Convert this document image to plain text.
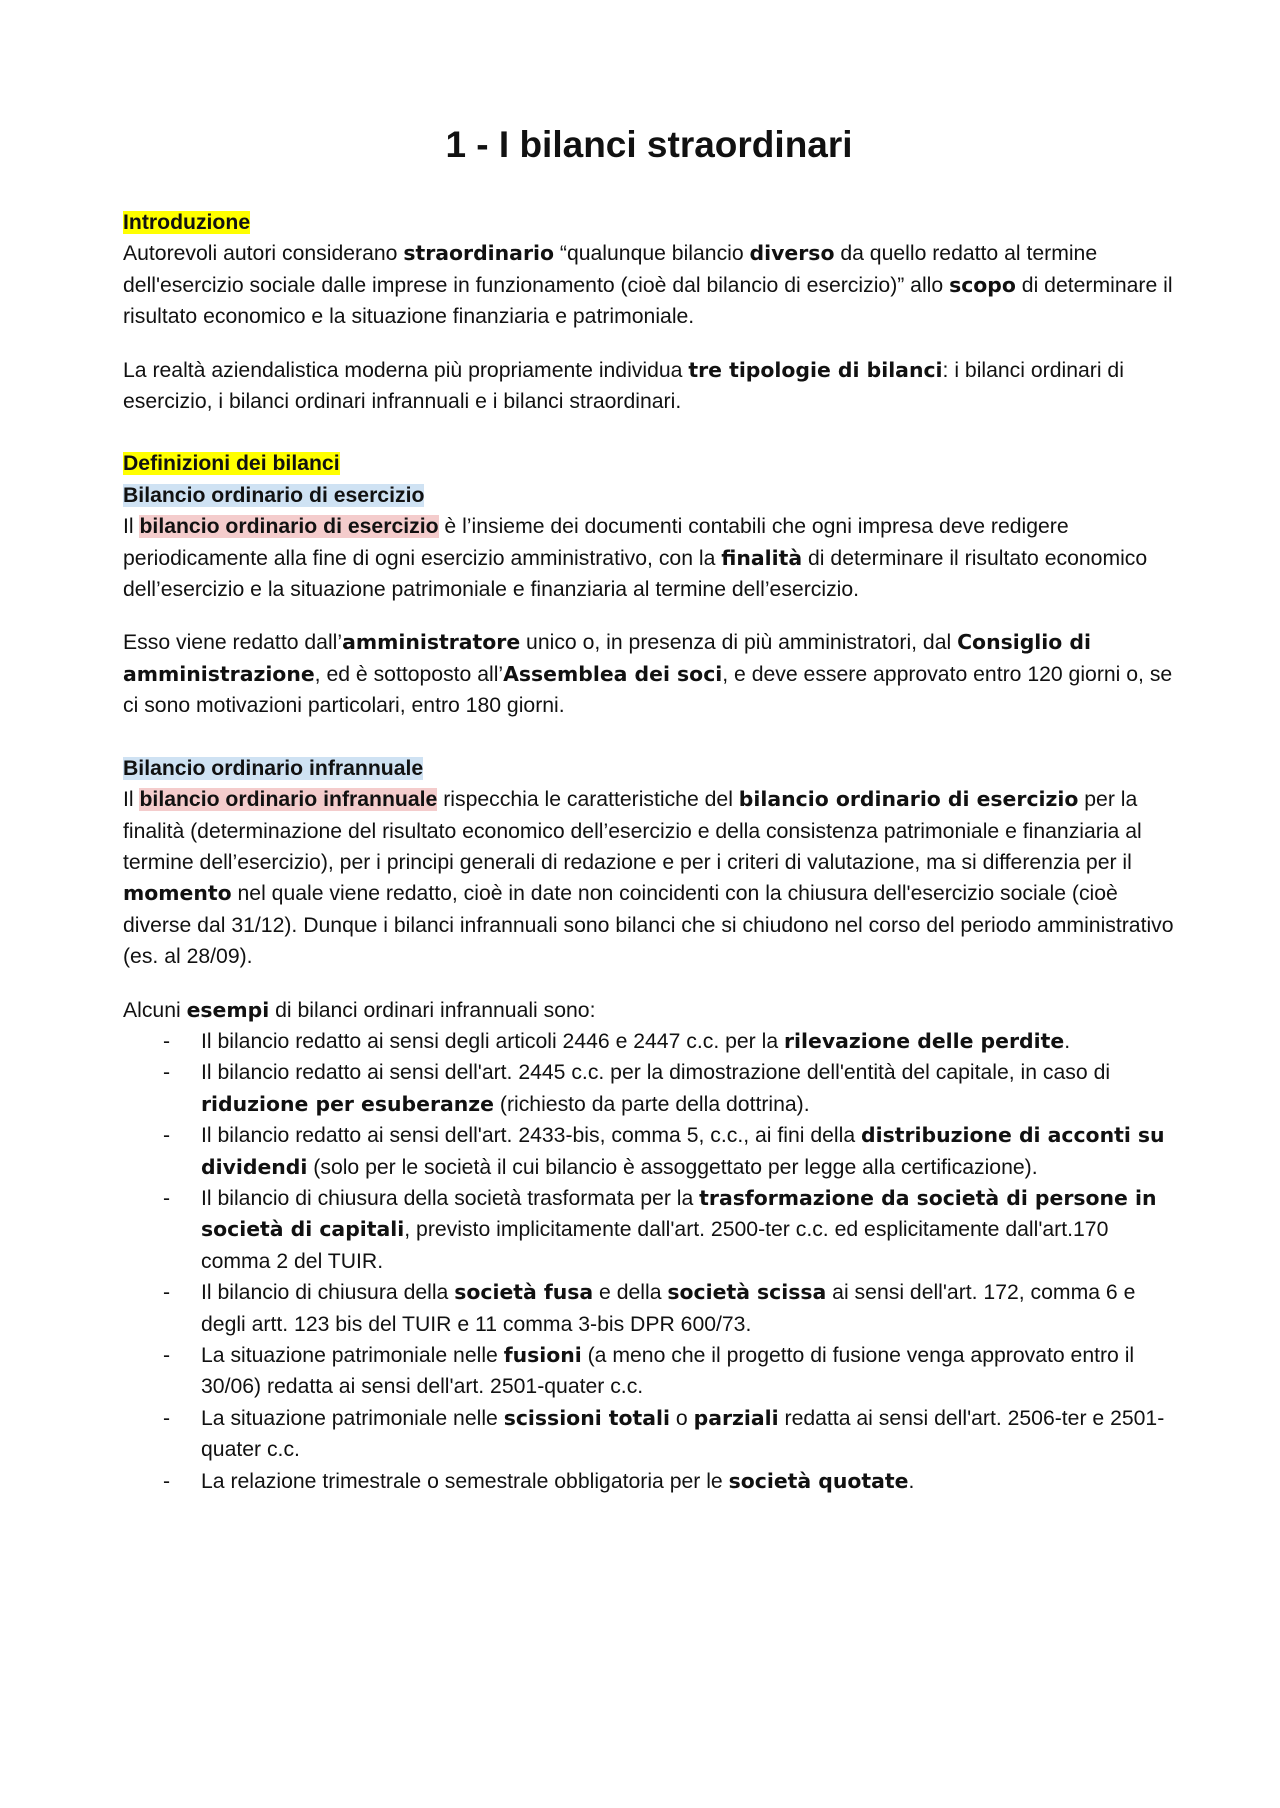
1 - I bilanci straordinari
Introduzione

Autorevoli autori considerano straordinario “qualunque bilancio diverso da quello redatto al termine dell'esercizio sociale dalle imprese in funzionamento (cioè dal bilancio di esercizio)” allo scopo di determinare il risultato economico e la situazione finanziaria e patrimoniale.

La realtà aziendalistica moderna più propriamente individua tre tipologie di bilanci: i bilanci ordinari di esercizio, i bilanci ordinari infrannuali e i bilanci straordinari.

Definizioni dei bilanci
Bilancio ordinario di esercizio

Il bilancio ordinario di esercizio è l’insieme dei documenti contabili che ogni impresa deve redigere periodicamente alla fine di ogni esercizio amministrativo, con la finalità di determinare il risultato economico dell’esercizio e la situazione patrimoniale e finanziaria al termine dell’esercizio.

Esso viene redatto dall’amministratore unico o, in presenza di più amministratori, dal Consiglio di amministrazione, ed è sottoposto all’Assemblea dei soci, e deve essere approvato entro 120 giorni o, se ci sono motivazioni particolari, entro 180 giorni.

Bilancio ordinario infrannuale

Il bilancio ordinario infrannuale rispecchia le caratteristiche del bilancio ordinario di esercizio per la finalità (determinazione del risultato economico dell’esercizio e della consistenza patrimoniale e finanziaria al termine dell’esercizio), per i principi generali di redazione e per i criteri di valutazione, ma si differenzia per il momento nel quale viene redatto, cioè in date non coincidenti con la chiusura dell'esercizio sociale (cioè diverse dal 31/12). Dunque i bilanci infrannuali sono bilanci che si chiudono nel corso del periodo amministrativo (es. al 28/09).

Alcuni esempi di bilanci ordinari infrannuali sono:

- Il bilancio redatto ai sensi degli articoli 2446 e 2447 c.c. per la rilevazione delle perdite.
- Il bilancio redatto ai sensi dell'art. 2445 c.c. per la dimostrazione dell'entità del capitale, in caso di riduzione per esuberanze (richiesto da parte della dottrina).
- Il bilancio redatto ai sensi dell'art. 2433-bis, comma 5, c.c., ai fini della distribuzione di acconti su dividendi (solo per le società il cui bilancio è assoggettato per legge alla certificazione).
- Il bilancio di chiusura della società trasformata per la trasformazione da società di persone in società di capitali, previsto implicitamente dall'art. 2500-ter c.c. ed esplicitamente dall'art.170 comma 2 del TUIR.
- Il bilancio di chiusura della società fusa e della società scissa ai sensi dell'art. 172, comma 6 e degli artt. 123 bis del TUIR e 11 comma 3-bis DPR 600/73.
- La situazione patrimoniale nelle fusioni (a meno che il progetto di fusione venga approvato entro il 30/06) redatta ai sensi dell'art. 2501-quater c.c.
- La situazione patrimoniale nelle scissioni totali o parziali redatta ai sensi dell'art. 2506-ter e 2501-quater c.c.
- La relazione trimestrale o semestrale obbligatoria per le società quotate.
